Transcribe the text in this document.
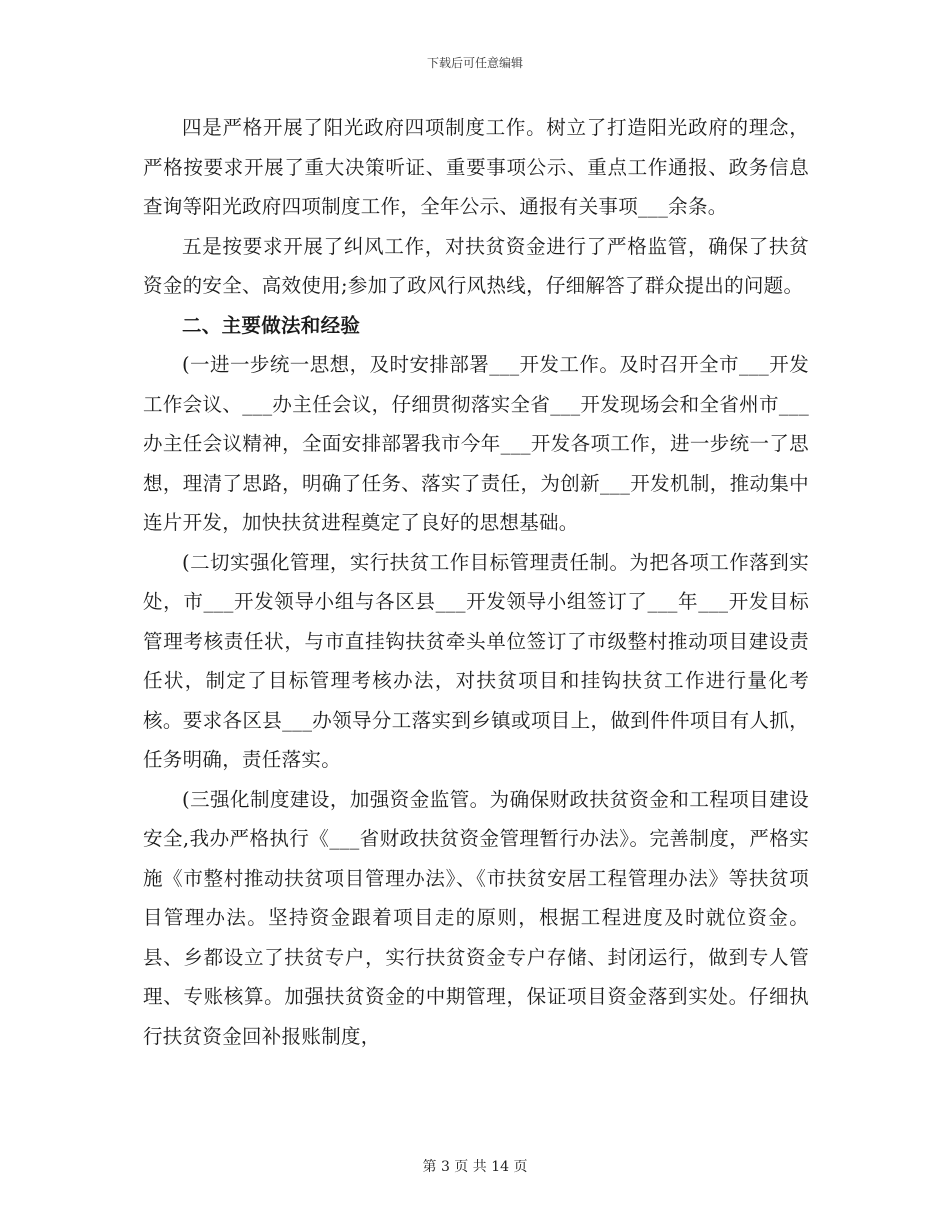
下载后可任意编辑

四是严格开展了阳光政府四项制度工作。树立了打造阳光政府的理念，严格按要求开展了重大决策听证、重要事项公示、重点工作通报、政务信息查询等阳光政府四项制度工作，全年公示、通报有关事项___余条。

五是按要求开展了纠风工作，对扶贫资金进行了严格监管，确保了扶贫资金的安全、高效使用;参加了政风行风热线，仔细解答了群众提出的问题。

二、主要做法和经验

(一进一步统一思想，及时安排部署___开发工作。及时召开全市___开发工作会议、___办主任会议，仔细贯彻落实全省___开发现场会和全省州市___办主任会议精神，全面安排部署我市今年___开发各项工作，进一步统一了思想，理清了思路，明确了任务、落实了责任，为创新___开发机制，推动集中连片开发，加快扶贫进程奠定了良好的思想基础。

(二切实强化管理，实行扶贫工作目标管理责任制。为把各项工作落到实处，市___开发领导小组与各区县___开发领导小组签订了___年___开发目标管理考核责任状，与市直挂钩扶贫牵头单位签订了市级整村推动项目建设责任状，制定了目标管理考核办法，对扶贫项目和挂钩扶贫工作进行量化考核。要求各区县___办领导分工落实到乡镇或项目上，做到件件项目有人抓，任务明确，责任落实。

(三强化制度建设，加强资金监管。为确保财政扶贫资金和工程项目建设安全,我办严格执行《___省财政扶贫资金管理暂行办法》。完善制度，严格实施《市整村推动扶贫项目管理办法》、《市扶贫安居工程管理办法》等扶贫项目管理办法。坚持资金跟着项目走的原则，根据工程进度及时就位资金。县、乡都设立了扶贫专户，实行扶贫资金专户存储、封闭运行，做到专人管理、专账核算。加强扶贫资金的中期管理，保证项目资金落到实处。仔细执行扶贫资金回补报账制度，

第 3 页 共 14 页
